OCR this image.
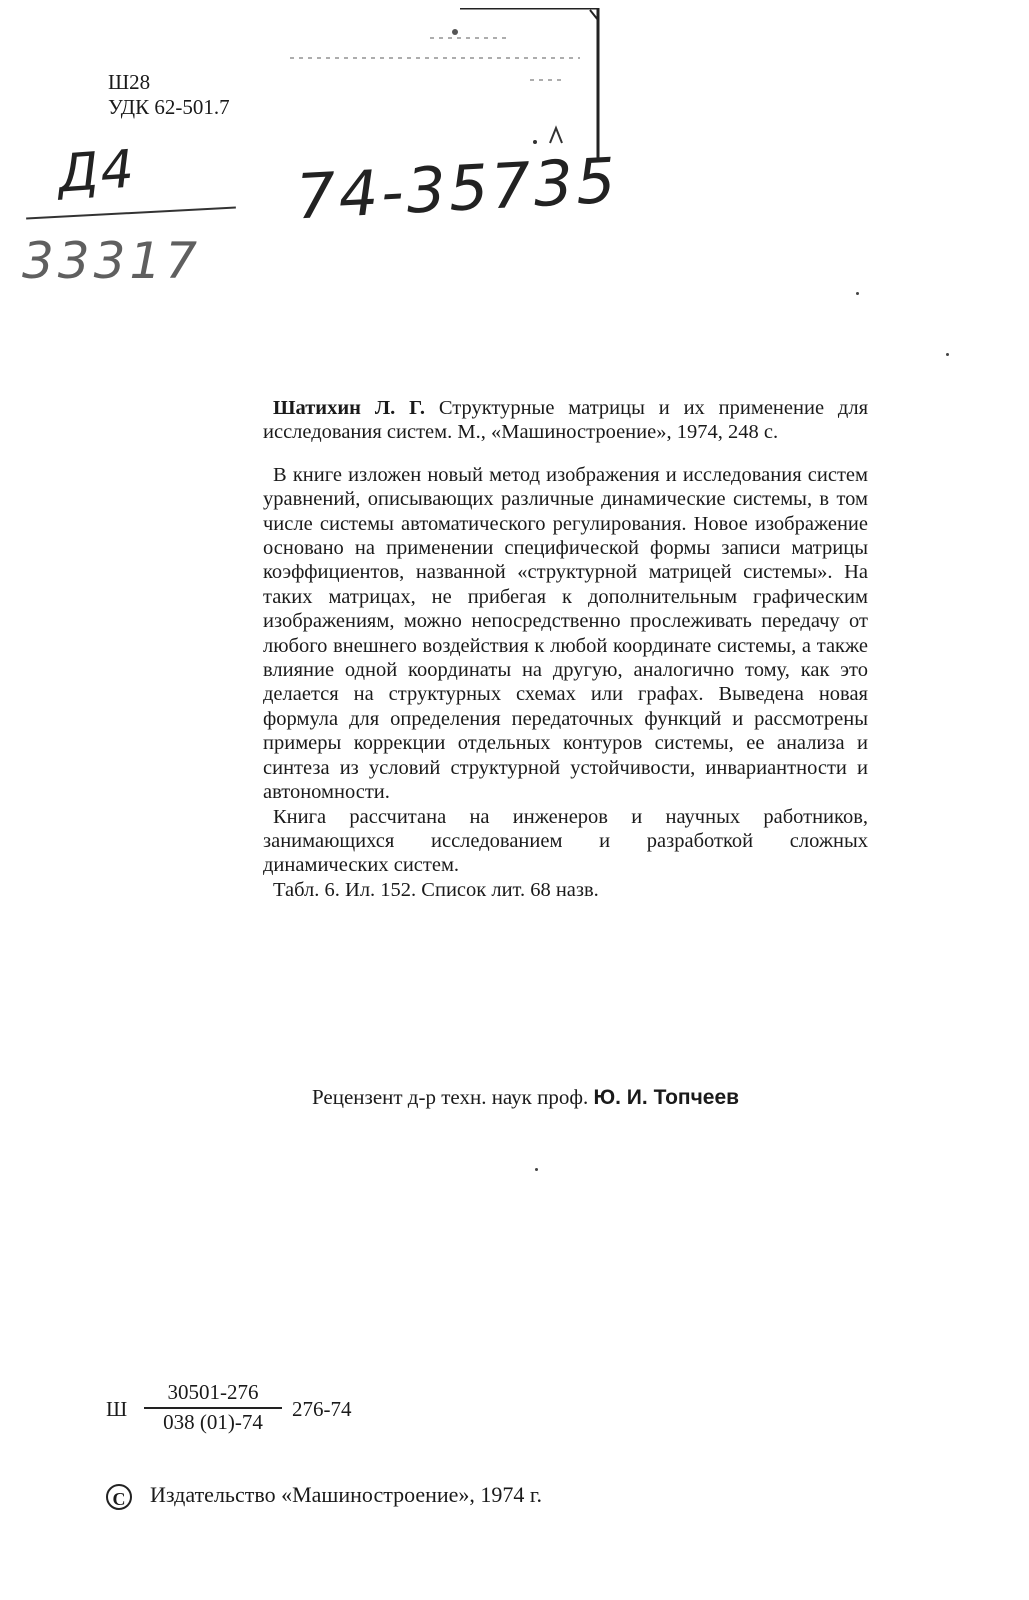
Ш28
УДК 62-501.7
Д4
33317
74-35735

Шатихин Л. Г. Структурные матрицы и их применение для исследования систем. М., «Машиностроение», 1974, 248 с.

В книге изложен новый метод изображения и исследования систем уравнений, описывающих различные динамические системы, в том числе системы автоматического регулирования. Новое изображение основано на применении специфической формы записи матрицы коэффициентов, названной «структурной матрицей системы». На таких матрицах, не прибегая к дополнительным графическим изображениям, можно непосредственно прослеживать передачу от любого внешнего воздействия к любой координате системы, а также влияние одной координаты на другую, аналогично тому, как это делается на структурных схемах или графах. Выведена новая формула для определения передаточных функций и рассмотрены примеры коррекции отдельных контуров системы, ее анализа и синтеза из условий структурной устойчивости, инвариантности и автономности.

Книга рассчитана на инженеров и научных работников, занимающихся исследованием и разработкой сложных динамических систем.

Табл. 6. Ил. 152. Список лит. 68 назв.

Рецензент д-р техн. наук проф. Ю. И. Топчеев
Ш
30501-276
038 (01)-74
276-74
C Издательство «Машиностроение», 1974 г.
